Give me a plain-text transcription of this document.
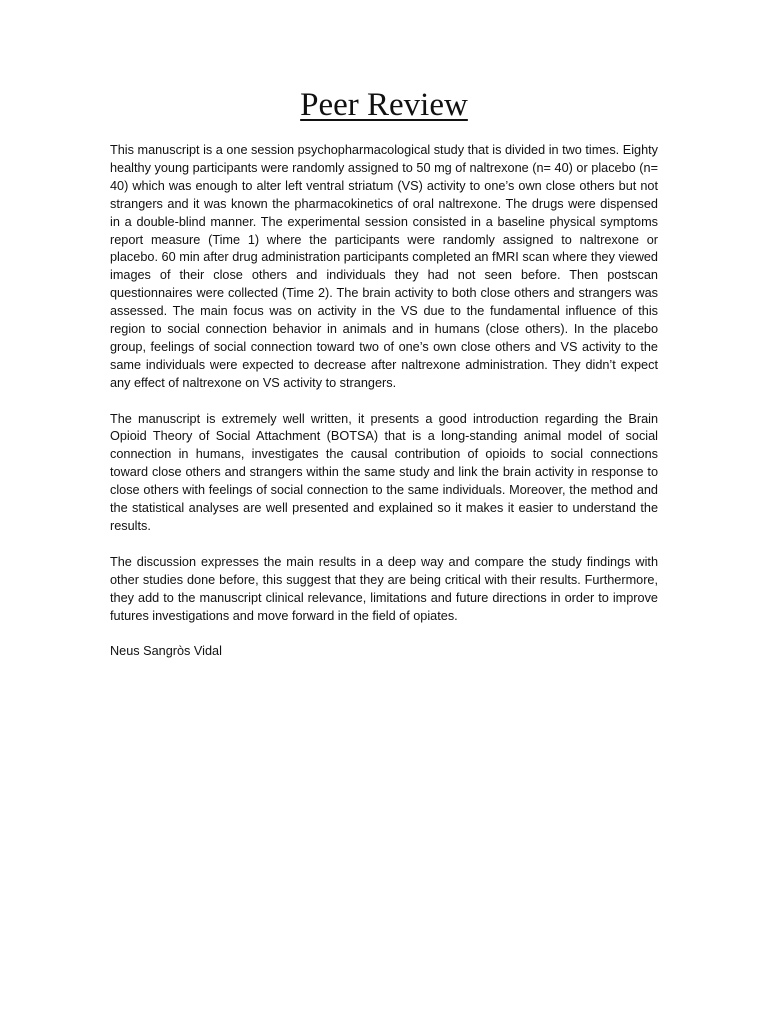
Peer Review

This manuscript is a one session psychopharmacological study that is divided in two times. Eighty healthy young participants were randomly assigned to 50 mg of naltrexone (n= 40) or placebo (n= 40) which was enough to alter left ventral striatum (VS) activity to one’s own close others but not strangers and it was known the pharmacokinetics of oral naltrexone. The drugs were dispensed in a double-blind manner. The experimental session consisted in a baseline physical symptoms report measure (Time 1) where the participants were randomly assigned to naltrexone or placebo. 60 min after drug administration participants completed an fMRI scan where they viewed images of their close others and individuals they had not seen before. Then postscan questionnaires were collected (Time 2). The brain activity to both close others and strangers was assessed. The main focus was on activity in the VS due to the fundamental influence of this region to social connection behavior in animals and in humans (close others). In the placebo group, feelings of social connection toward two of one’s own close others and VS activity to the same individuals were expected to decrease after naltrexone administration. They didn’t expect any effect of naltrexone on VS activity to strangers.

The manuscript is extremely well written, it presents a good introduction regarding the Brain Opioid Theory of Social Attachment (BOTSA) that is a long-standing animal model of social connection in humans, investigates the causal contribution of opioids to social connections toward close others and strangers within the same study and link the brain activity in response to close others with feelings of social connection to the same individuals. Moreover, the method and the statistical analyses are well presented and explained so it makes it easier to understand the results.

The discussion expresses the main results in a deep way and compare the study findings with other studies done before, this suggest that they are being critical with their results. Furthermore, they add to the manuscript clinical relevance, limitations and future directions in order to improve futures investigations and move forward in the field of opiates.

Neus Sangròs Vidal
